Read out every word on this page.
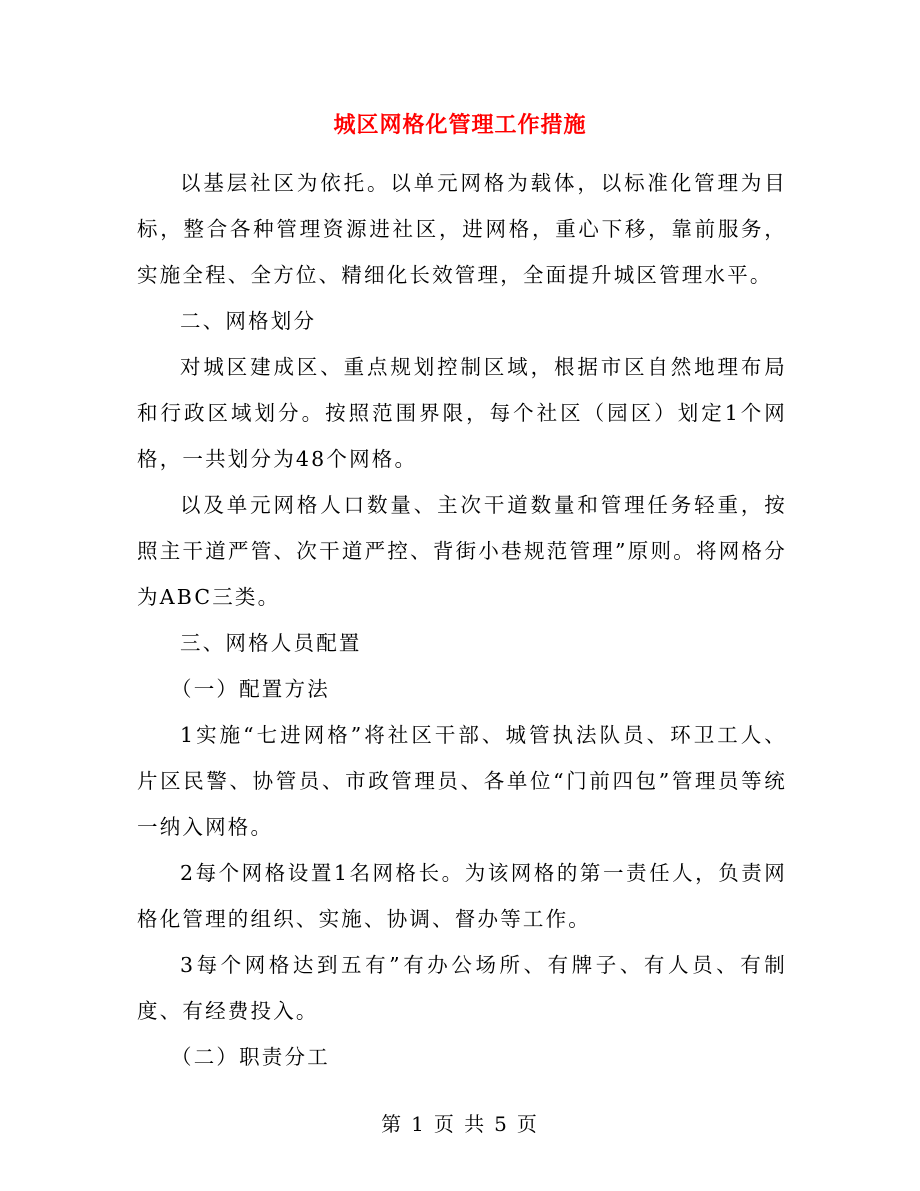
城区网格化管理工作措施

以基层社区为依托。以单元网格为载体，以标准化管理为目标，整合各种管理资源进社区，进网格，重心下移，靠前服务，实施全程、全方位、精细化长效管理，全面提升城区管理水平。

二、网格划分

对城区建成区、重点规划控制区域，根据市区自然地理布局和行政区域划分。按照范围界限，每个社区（园区）划定1个网格，一共划分为48个网格。

以及单元网格人口数量、主次干道数量和管理任务轻重，按照主干道严管、次干道严控、背街小巷规范管理”原则。将网格分为ABC三类。

三、网格人员配置

（一）配置方法

1实施“七进网格”将社区干部、城管执法队员、环卫工人、片区民警、协管员、市政管理员、各单位“门前四包”管理员等统一纳入网格。

2每个网格设置1名网格长。为该网格的第一责任人，负责网格化管理的组织、实施、协调、督办等工作。

3每个网格达到五有”有办公场所、有牌子、有人员、有制度、有经费投入。

（二）职责分工

第 1 页 共 5 页
